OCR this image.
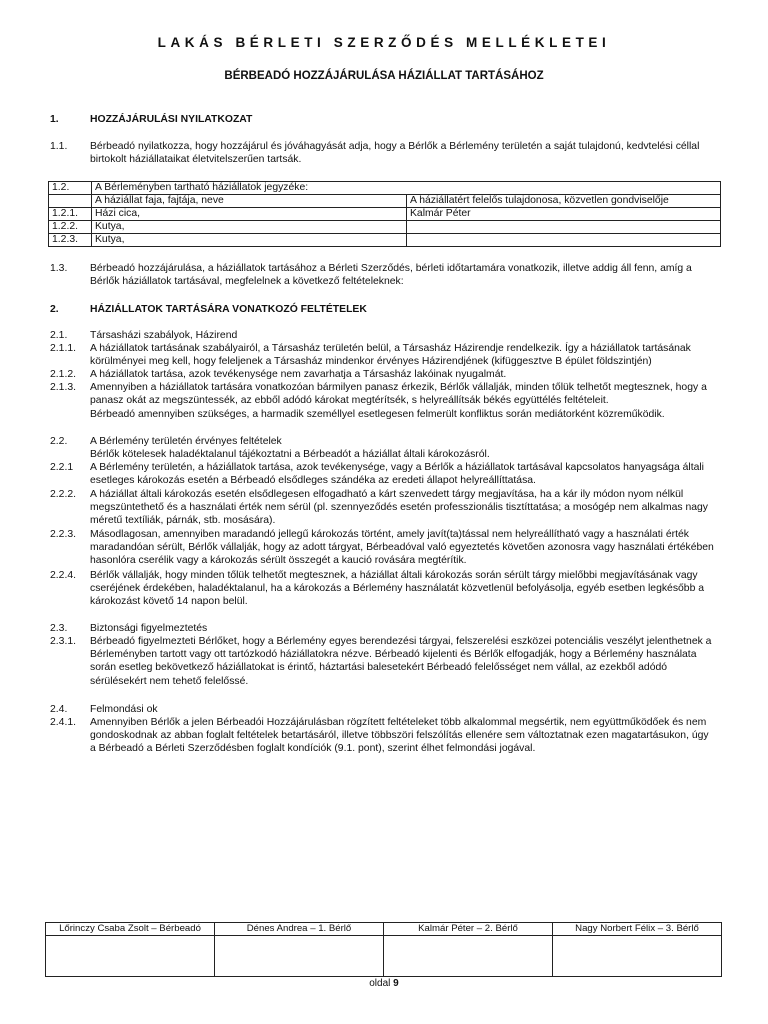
LAKÁS BÉRLETI SZERZŐDÉS MELLÉKLETEI
BÉRBEADÓ HOZZÁJÁRULÁSA HÁZIÁLLAT TARTÁSÁHOZ
1.	HOZZÁJÁRULÁSI NYILATKOZAT
1.1.	Bérbeadó nyilatkozza, hogy hozzájárul és jóváhagyását adja, hogy a Bérlők a Bérlemény területén a saját tulajdonú, kedvtelési céllal birtokolt háziállataikat életvitelszerűen tartsák.
1.2.	A Bérleményben tartható háziállatok jegyzéke:	
	A háziállat faja, fajtája, neve	A háziállatért felelős tulajdonosa, közvetlen gondviselője
1.2.1.	Házi cica,	Kalmár Péter
1.2.2.	Kutya,	
1.2.3.	Kutya,	
1.3.	Bérbeadó hozzájárulása, a háziállatok tartásához a Bérleti Szerződés, bérleti időtartamára vonatkozik, illetve addig áll fenn, amíg a Bérlők háziállatok tartásával, megfelelnek a következő feltételeknek:
2.	HÁZIÁLLATOK TARTÁSÁRA VONATKOZÓ FELTÉTELEK
2.1.	Társasházi szabályok, Házirend
2.1.1.	A háziállatok tartásának szabályairól, a Társasház területén belül, a Társasház Házirendje rendelkezik. Így a háziállatok tartásának körülményei meg kell, hogy feleljenek a Társasház mindenkor érvényes Házirendjének (kifüggesztve B épület földszintjén)
2.1.2.	A háziállatok tartása, azok tevékenysége nem zavarhatja a Társasház lakóinak nyugalmát.
2.1.3.	Amennyiben a háziállatok tartására vonatkozóan bármilyen panasz érkezik, Bérlők vállalják, minden tőlük telhetőt megtesznek, hogy a panasz okát az megszüntessék, az ebből adódó károkat megtérítsék, s helyreállítsák békés együttélés feltételeit.
Bérbeadó amennyiben szükséges, a harmadik személlyel esetlegesen felmerült konfliktus során mediátorként közreműködik.
2.2.	A Bérlemény területén érvényes feltételek
Bérlők kötelesek haladéktalanul tájékoztatni a Bérbeadót a háziállat általi károkozásról.
2.2.1	A Bérlemény területén, a háziállatok tartása, azok tevékenysége, vagy a Bérlők a háziállatok tartásával kapcsolatos hanyagsága általi esetleges károkozás esetén a Bérbeadó elsődleges szándéka az eredeti állapot helyreállíttatása.
2.2.2.	A háziállat általi károkozás esetén elsődlegesen elfogadható a kárt szenvedett tárgy megjavítása, ha a kár ily módon nyom nélkül megszüntethető és a használati érték nem sérül (pl. szennyeződés esetén professzionális tisztíttatása; a mosógép nem alkalmas nagy méretű textíliák, párnák, stb. mosására).
2.2.3.	Másodlagosan, amennyiben maradandó jellegű károkozás történt, amely javít(ta)tással nem helyreállítható vagy a használati érték maradandóan sérült, Bérlők vállalják, hogy az adott tárgyat, Bérbeadóval való egyeztetés követően azonosra vagy használati értékében hasonlóra cserélik vagy a károkozás sérült összegét a kaució rovására megtérítik.
2.2.4.	Bérlők vállalják, hogy minden tőlük telhetőt megtesznek, a háziállat általi károkozás során sérült tárgy mielőbbi megjavításának vagy cseréjének érdekében, haladéktalanul, ha a károkozás a Bérlemény használatát közvetlenül befolyásolja, egyéb esetben legkésőbb a károkozást követő 14 napon belül.
2.3.	Biztonsági figyelmeztetés
2.3.1.	Bérbeadó figyelmezteti Bérlőket, hogy a Bérlemény egyes berendezési tárgyai, felszerelési eszközei potenciális veszélyt jelenthetnek a Bérleményben tartott vagy ott tartózkodó háziállatokra nézve. Bérbeadó kijelenti és Bérlők elfogadják, hogy a Bérlemény használata során esetleg bekövetkező háziállatokat is érintő, háztartási balesetekért Bérbeadó felelősséget nem vállal, az ezekből adódó sérülésekért nem tehető felelőssé.
2.4.	Felmondási ok
2.4.1.	Amennyiben Bérlők a jelen Bérbeadói Hozzájárulásban rögzített feltételeket több alkalommal megsértik, nem együttműködőek és nem gondoskodnak az abban foglalt feltételek betartásáról, illetve többszöri felszólítás ellenére sem változtatnak ezen magatartásukon, úgy a Bérbeadó a Bérleti Szerződésben foglalt kondíciók (9.1. pont), szerint élhet felmondási jogával.
Lőrinczy Csaba Zsolt – Bérbeadó	Dénes Andrea – 1. Bérlő	Kalmár Péter – 2. Bérlő	Nagy Norbert Félix – 3. Bérlő

oldal 9
